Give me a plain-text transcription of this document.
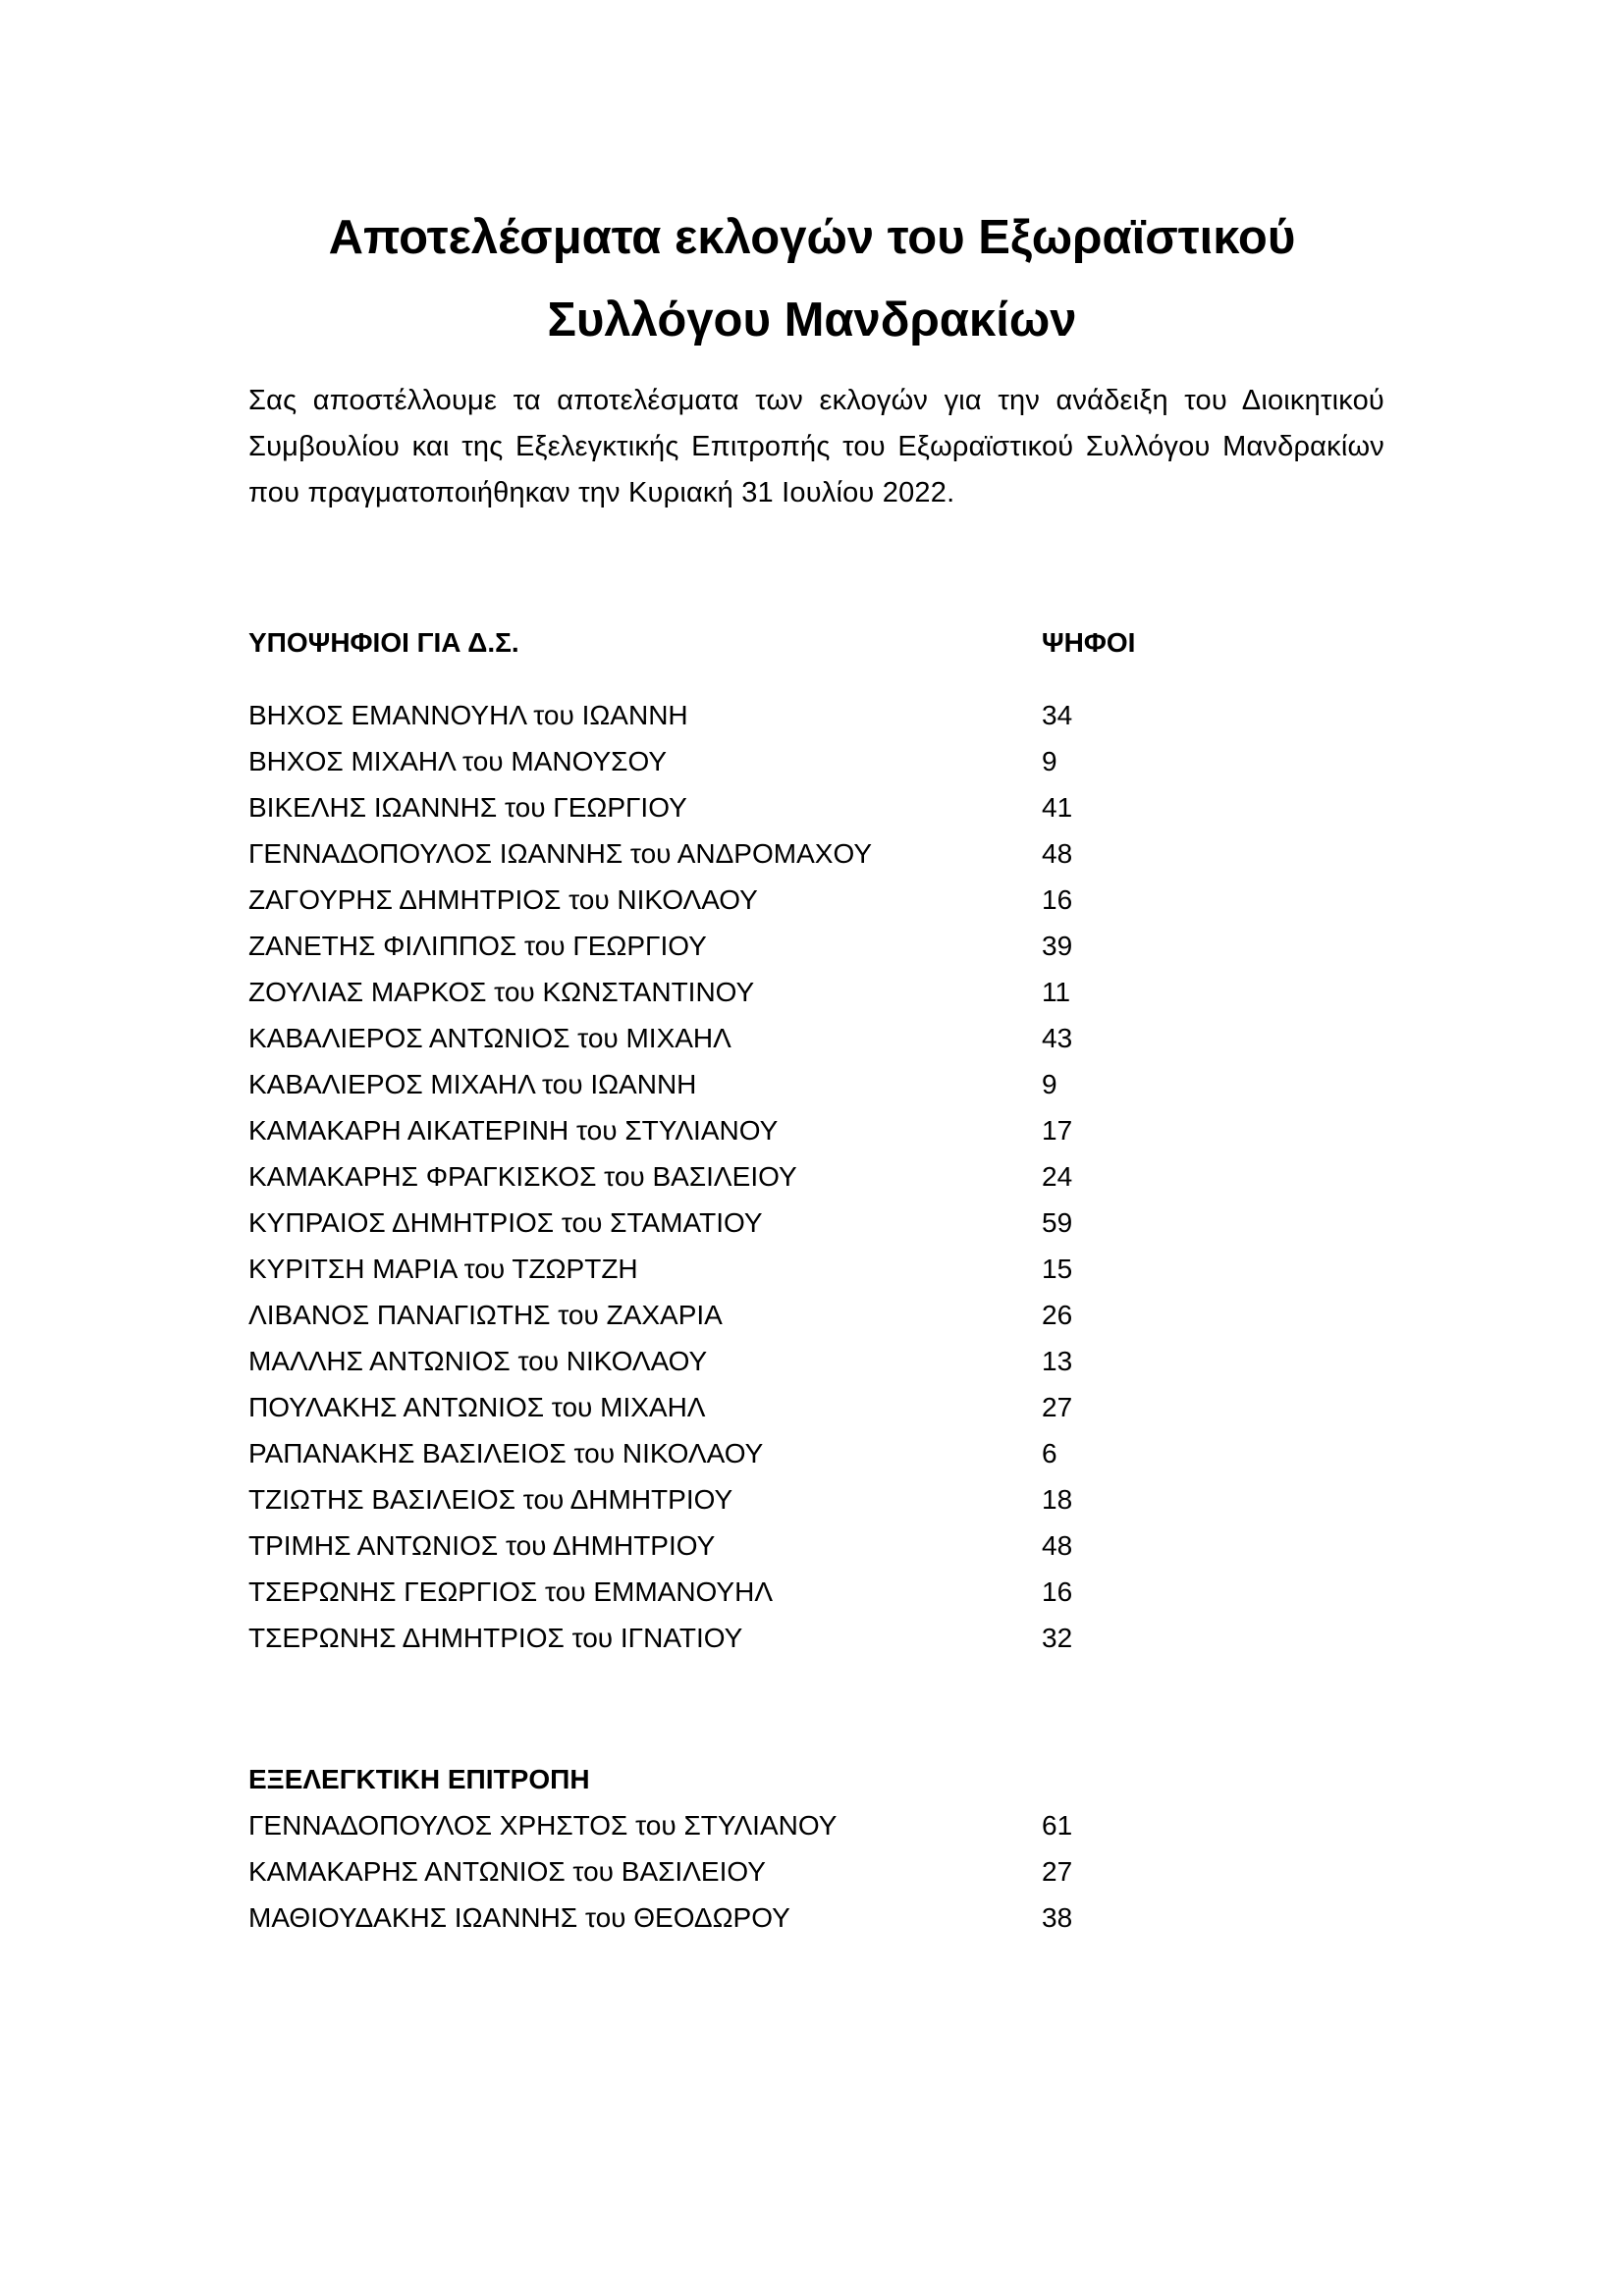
Αποτελέσματα εκλογών του Εξωραϊστικού
Συλλόγου Μανδρακίων
Σας αποστέλλουμε τα αποτελέσματα των εκλογών για την ανάδειξη του Διοικητικού Συμβουλίου και της Εξελεγκτικής Επιτροπής του Εξωραϊστικού Συλλόγου Μανδρακίων που πραγματοποιήθηκαν την Κυριακή 31 Ιουλίου 2022.
ΥΠΟΨΗΦΙΟΙ ΓΙΑ Δ.Σ.	ΨΗΦΟΙ
ΒΗΧΟΣ ΕΜΑΝΝΟΥΗΛ του ΙΩΑΝΝΗ	34
ΒΗΧΟΣ ΜΙΧΑΗΛ του ΜΑΝΟΥΣΟΥ	9
ΒΙΚΕΛΗΣ ΙΩΑΝΝΗΣ του ΓΕΩΡΓΙΟΥ	41
ΓΕΝΝΑΔΟΠΟΥΛΟΣ ΙΩΑΝΝΗΣ του ΑΝΔΡΟΜΑΧΟΥ	48
ΖΑΓΟΥΡΗΣ ΔΗΜΗΤΡΙΟΣ του ΝΙΚΟΛΑΟΥ	16
ΖΑΝΕΤΗΣ ΦΙΛΙΠΠΟΣ του ΓΕΩΡΓΙΟΥ	39
ΖΟΥΛΙΑΣ ΜΑΡΚΟΣ του ΚΩΝΣΤΑΝΤΙΝΟΥ	11
ΚΑΒΑΛΙΕΡΟΣ ΑΝΤΩΝΙΟΣ του ΜΙΧΑΗΛ	43
ΚΑΒΑΛΙΕΡΟΣ ΜΙΧΑΗΛ του ΙΩΑΝΝΗ	9
ΚΑΜΑΚΑΡΗ ΑΙΚΑΤΕΡΙΝΗ του ΣΤΥΛΙΑΝΟΥ	17
ΚΑΜΑΚΑΡΗΣ ΦΡΑΓΚΙΣΚΟΣ του ΒΑΣΙΛΕΙΟΥ	24
ΚΥΠΡΑΙΟΣ ΔΗΜΗΤΡΙΟΣ του ΣΤΑΜΑΤΙΟΥ	59
ΚΥΡΙΤΣΗ ΜΑΡΙΑ του ΤΖΩΡΤΖΗ	15
ΛΙΒΑΝΟΣ ΠΑΝΑΓΙΩΤΗΣ του ΖΑΧΑΡΙΑ	26
ΜΑΛΛΗΣ ΑΝΤΩΝΙΟΣ του ΝΙΚΟΛΑΟΥ	13
ΠΟΥΛΑΚΗΣ ΑΝΤΩΝΙΟΣ του ΜΙΧΑΗΛ	27
ΡΑΠΑΝΑΚΗΣ ΒΑΣΙΛΕΙΟΣ του ΝΙΚΟΛΑΟΥ	6
ΤΖΙΩΤΗΣ ΒΑΣΙΛΕΙΟΣ του ΔΗΜΗΤΡΙΟΥ	18
ΤΡΙΜΗΣ ΑΝΤΩΝΙΟΣ του ΔΗΜΗΤΡΙΟΥ	48
ΤΣΕΡΩΝΗΣ ΓΕΩΡΓΙΟΣ του ΕΜΜΑΝΟΥΗΛ	16
ΤΣΕΡΩΝΗΣ ΔΗΜΗΤΡΙΟΣ του ΙΓΝΑΤΙΟΥ	32
ΕΞΕΛΕΓΚΤΙΚΗ ΕΠΙΤΡΟΠΗ
ΓΕΝΝΑΔΟΠΟΥΛΟΣ ΧΡΗΣΤΟΣ του ΣΤΥΛΙΑΝΟΥ	61
ΚΑΜΑΚΑΡΗΣ ΑΝΤΩΝΙΟΣ του ΒΑΣΙΛΕΙΟΥ	27
ΜΑΘΙΟΥΔΑΚΗΣ ΙΩΑΝΝΗΣ του ΘΕΟΔΩΡΟΥ	38
